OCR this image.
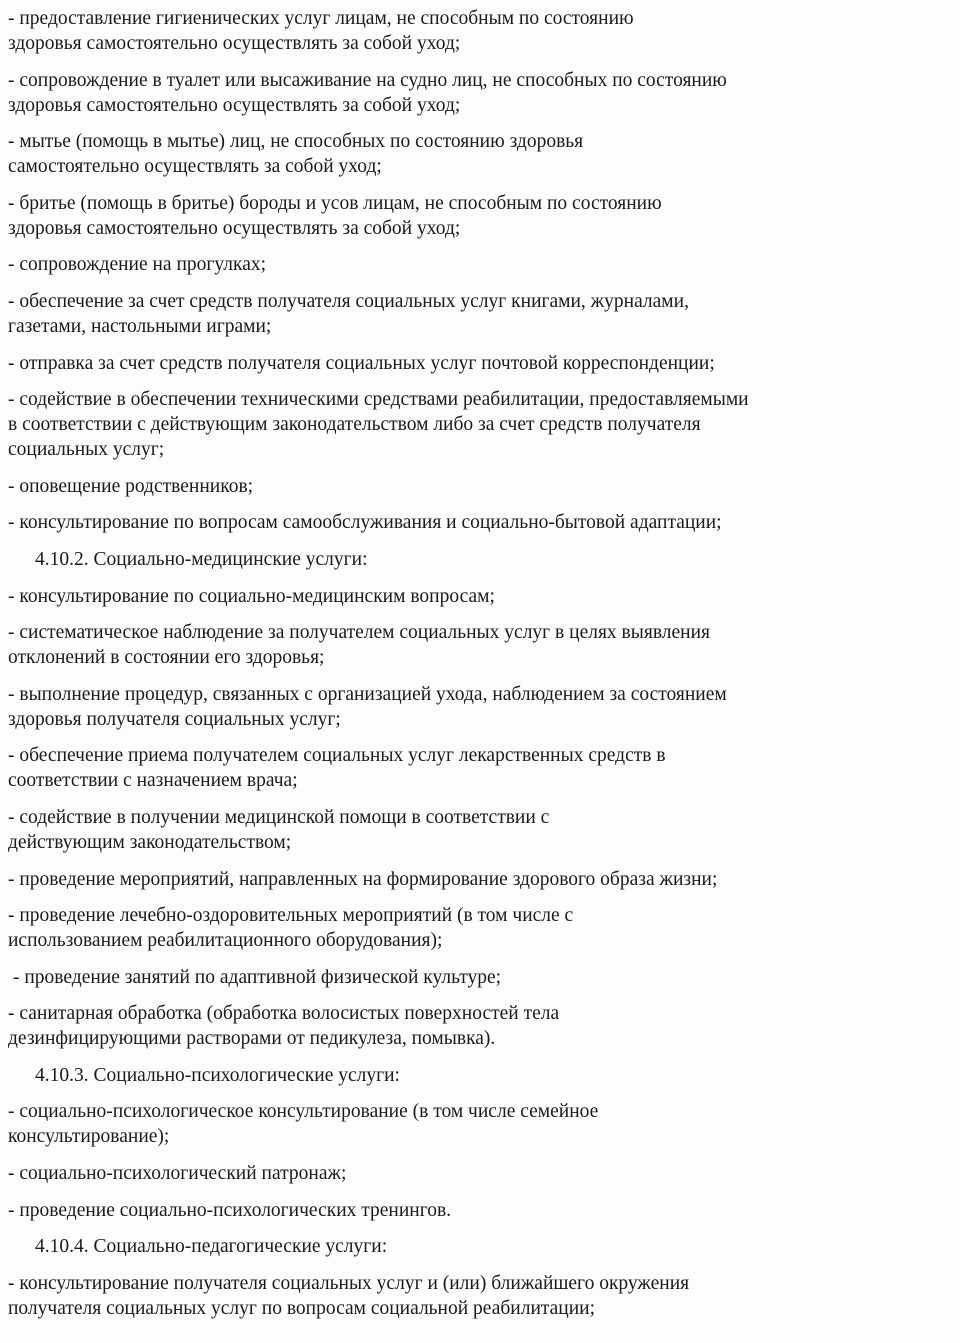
- предоставление гигиенических услуг лицам, не способным по состоянию
здоровья самостоятельно осуществлять за собой уход;
- сопровождение в туалет или высаживание на судно лиц, не способных по состоянию
здоровья самостоятельно осуществлять за собой уход;
- мытье (помощь в мытье) лиц, не способных по состоянию здоровья
самостоятельно осуществлять за собой уход;
- бритье (помощь в бритье) бороды и усов лицам, не способным по состоянию
здоровья самостоятельно осуществлять за собой уход;
- сопровождение на прогулках;
- обеспечение за счет средств получателя социальных услуг книгами, журналами,
газетами, настольными играми;
- отправка за счет средств получателя социальных услуг почтовой корреспонденции;
- содействие в обеспечении техническими средствами реабилитации, предоставляемыми
в соответствии с действующим законодательством либо за счет средств получателя
социальных услуг;
- оповещение родственников;
- консультирование по вопросам самообслуживания и социально-бытовой адаптации;
4.10.2. Социально-медицинские услуги:
- консультирование по социально-медицинским вопросам;
- систематическое наблюдение за получателем социальных услуг в целях выявления
отклонений в состоянии его здоровья;
- выполнение процедур, связанных с организацией ухода, наблюдением за состоянием
здоровья получателя социальных услуг;
- обеспечение приема получателем социальных услуг лекарственных средств в
соответствии с назначением врача;
- содействие в получении медицинской помощи в соответствии с
действующим законодательством;
- проведение мероприятий, направленных на формирование здорового образа жизни;
- проведение лечебно-оздоровительных мероприятий (в том числе с
использованием реабилитационного оборудования);
- проведение занятий по адаптивной физической культуре;
- санитарная обработка (обработка волосистых поверхностей тела
дезинфицирующими растворами от педикулеза, помывка).
4.10.3. Социально-психологические услуги:
- социально-психологическое консультирование (в том числе семейное
консультирование);
- социально-психологический патронаж;
- проведение социально-психологических тренингов.
4.10.4. Социально-педагогические услуги:
- консультирование получателя социальных услуг и (или) ближайшего окружения
получателя социальных услуг по вопросам социальной реабилитации;
